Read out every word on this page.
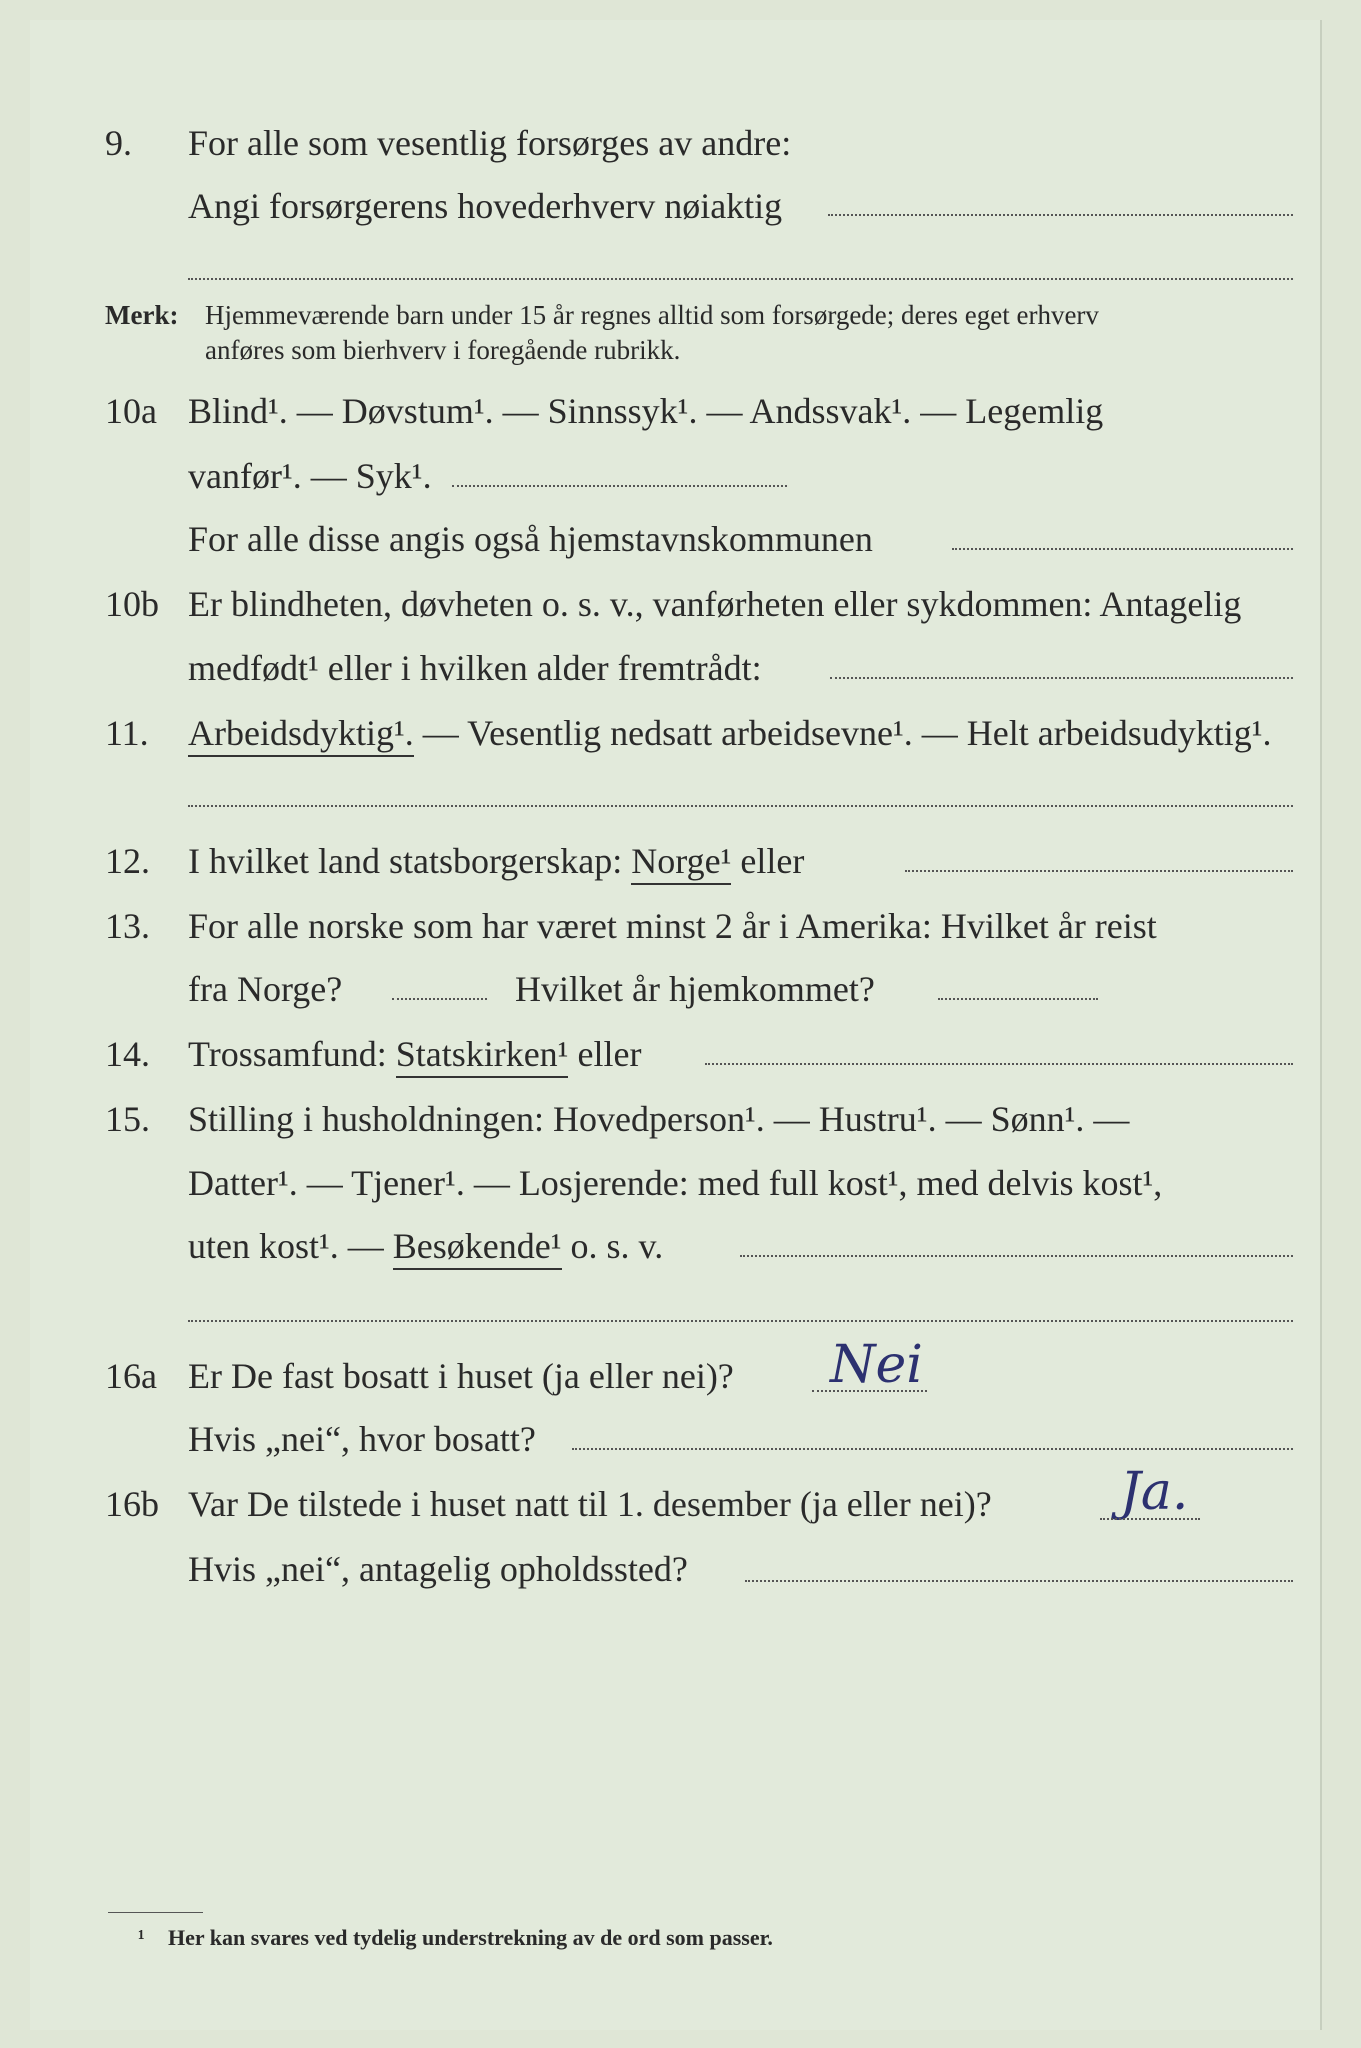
9. For alle som vesentlig forsørges av andre:
Angi forsørgerens hovederhverv nøiaktig
Merk: Hjemmeværende barn under 15 år regnes alltid som forsørgede; deres eget erhverv
anføres som bierhverv i foregående rubrikk.
10a Blind¹. — Døvstum¹. — Sinnssyk¹. — Andssvak¹. — Legemlig
vanfør¹. — Syk¹.
For alle disse angis også hjemstavnskommunen
10b Er blindheten, døvheten o. s. v., vanførheten eller sykdommen: Antagelig
medfødt¹ eller i hvilken alder fremtrådt:
11. Arbeidsdyktig¹. — Vesentlig nedsatt arbeidsevne¹. — Helt arbeidsudyktig¹.
12. I hvilket land statsborgerskap: Norge¹ eller
13. For alle norske som har været minst 2 år i Amerika: Hvilket år reist
fra Norge?	Hvilket år hjemkommet?
14. Trossamfund: Statskirken¹ eller
15. Stilling i husholdningen: Hovedperson¹. — Hustru¹. — Sønn¹. —
Datter¹. — Tjener¹. — Losjerende: med full kost¹, med delvis kost¹,
uten kost¹. — Besøkende¹ o. s. v.
16a Er De fast bosatt i huset (ja eller nei)? Nei
Hvis „nei“, hvor bosatt?
16b Var De tilstede i huset natt til 1. desember (ja eller nei)? Ja.
Hvis „nei“, antagelig opholdssted?
¹ Her kan svares ved tydelig understrekning av de ord som passer.
